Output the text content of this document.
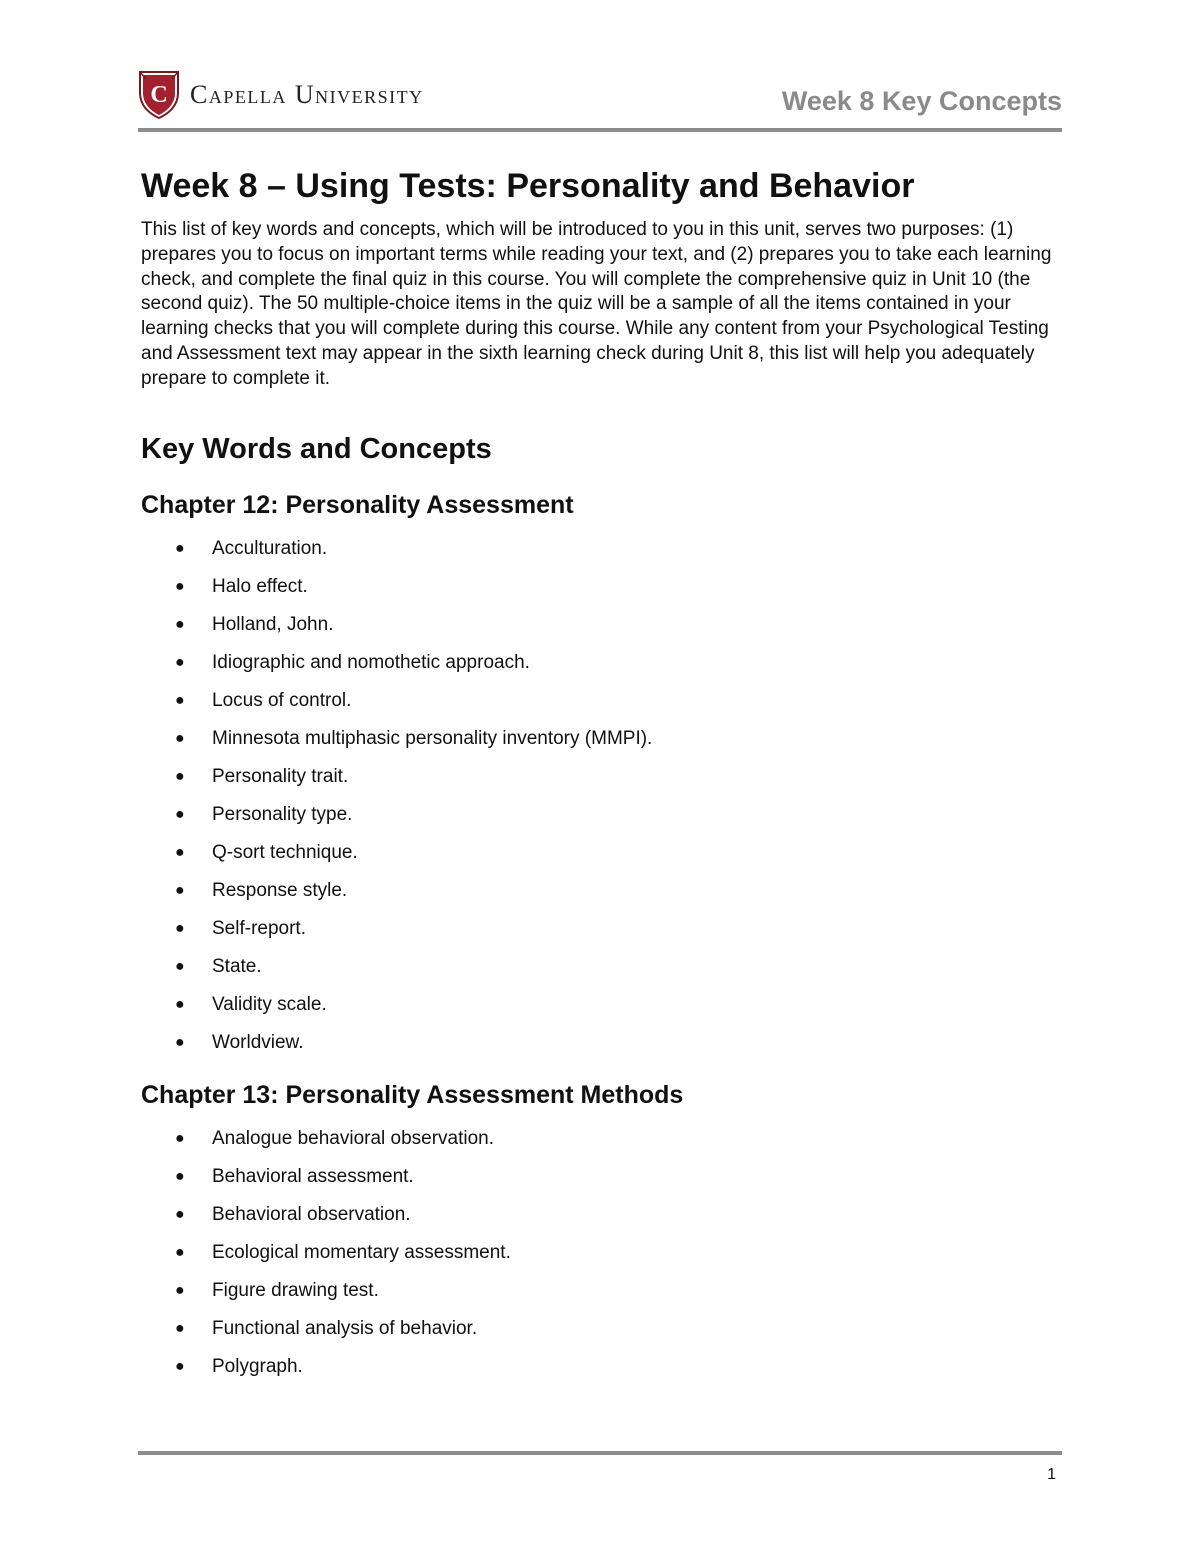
C Capella University	Week 8 Key Concepts
Week 8 – Using Tests: Personality and Behavior

This list of key words and concepts, which will be introduced to you in this unit, serves two purposes: (1) prepares you to focus on important terms while reading your text, and (2) prepares you to take each learning check, and complete the final quiz in this course. You will complete the comprehensive quiz in Unit 10 (the second quiz). The 50 multiple-choice items in the quiz will be a sample of all the items contained in your learning checks that you will complete during this course. While any content from your Psychological Testing and Assessment text may appear in the sixth learning check during Unit 8, this list will help you adequately prepare to complete it.

Key Words and Concepts
Chapter 12: Personality Assessment
● Acculturation.
● Halo effect.
● Holland, John.
● Idiographic and nomothetic approach.
● Locus of control.
● Minnesota multiphasic personality inventory (MMPI).
● Personality trait.
● Personality type.
● Q-sort technique.
● Response style.
● Self-report.
● State.
● Validity scale.
● Worldview.
Chapter 13: Personality Assessment Methods
● Analogue behavioral observation.
● Behavioral assessment.
● Behavioral observation.
● Ecological momentary assessment.
● Figure drawing test.
● Functional analysis of behavior.
● Polygraph.
1
